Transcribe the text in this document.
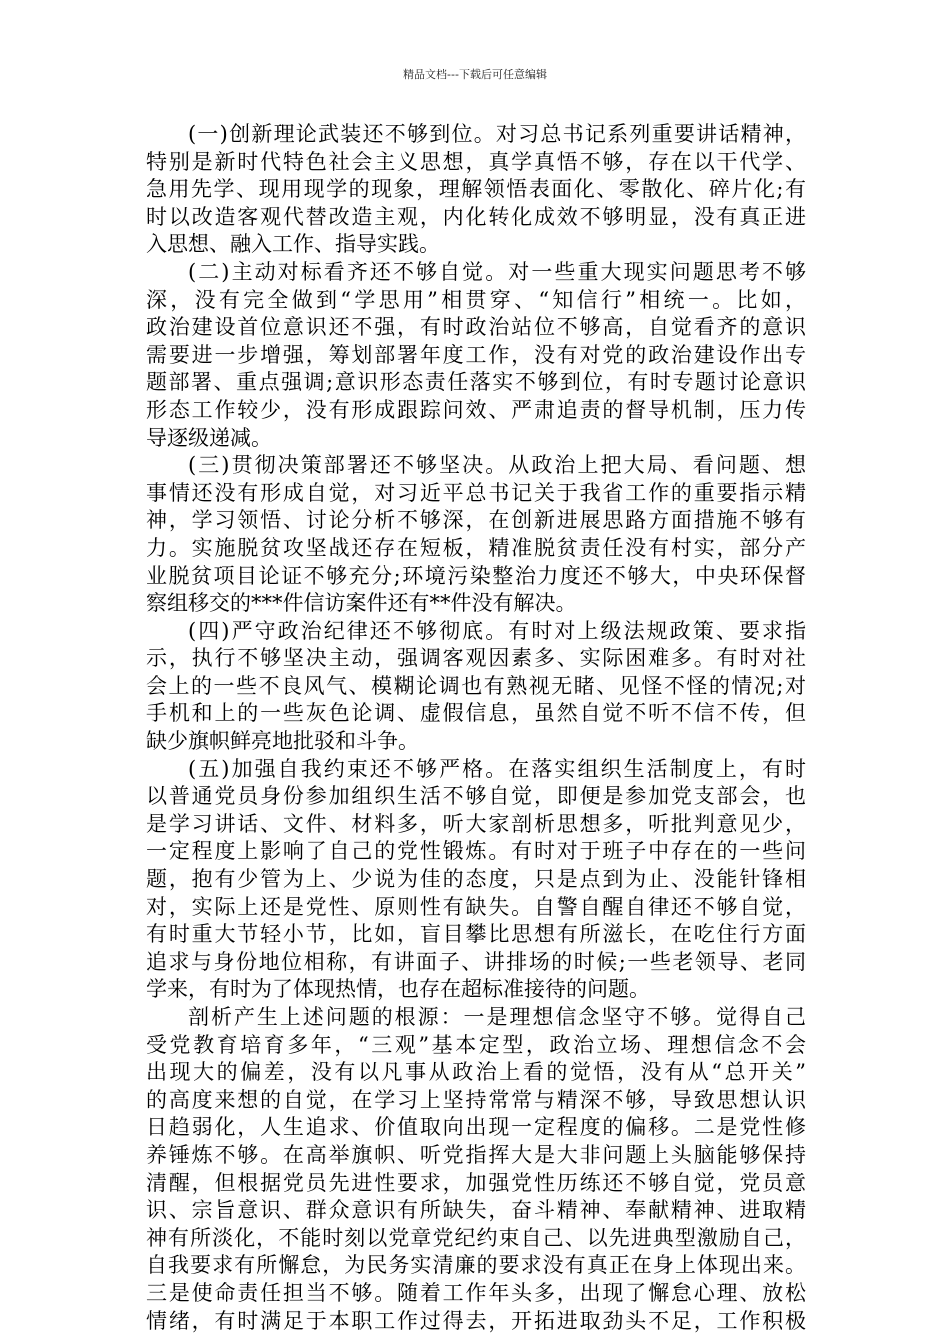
精品文档---下载后可任意编辑
(一)创新理论武装还不够到位。对习总书记系列重要讲话精神，
特别是新时代特色社会主义思想，真学真悟不够，存在以干代学、
急用先学、现用现学的现象，理解领悟表面化、零散化、碎片化;有
时以改造客观代替改造主观，内化转化成效不够明显，没有真正进
入思想、融入工作、指导实践。
(二)主动对标看齐还不够自觉。对一些重大现实问题思考不够
深，没有完全做到“学思用”相贯穿、“知信行”相统一。比如，
政治建设首位意识还不强，有时政治站位不够高，自觉看齐的意识
需要进一步增强，筹划部署年度工作，没有对党的政治建设作出专
题部署、重点强调;意识形态责任落实不够到位，有时专题讨论意识
形态工作较少，没有形成跟踪问效、严肃追责的督导机制，压力传
导逐级递减。
(三)贯彻决策部署还不够坚决。从政治上把大局、看问题、想
事情还没有形成自觉，对习近平总书记关于我省工作的重要指示精
神，学习领悟、讨论分析不够深，在创新进展思路方面措施不够有
力。实施脱贫攻坚战还存在短板，精准脱贫责任没有村实，部分产
业脱贫项目论证不够充分;环境污染整治力度还不够大，中央环保督
察组移交的***件信访案件还有**件没有解决。
(四)严守政治纪律还不够彻底。有时对上级法规政策、要求指
示，执行不够坚决主动，强调客观因素多、实际困难多。有时对社
会上的一些不良风气、模糊论调也有熟视无睹、见怪不怪的情况;对
手机和上的一些灰色论调、虚假信息，虽然自觉不听不信不传，但
缺少旗帜鲜亮地批驳和斗争。
(五)加强自我约束还不够严格。在落实组织生活制度上，有时
以普通党员身份参加组织生活不够自觉，即便是参加党支部会，也
是学习讲话、文件、材料多，听大家剖析思想多，听批判意见少，
一定程度上影响了自己的党性锻炼。有时对于班子中存在的一些问
题，抱有少管为上、少说为佳的态度，只是点到为止、没能针锋相
对，实际上还是党性、原则性有缺失。自警自醒自律还不够自觉，
有时重大节轻小节，比如，盲目攀比思想有所滋长，在吃住行方面
追求与身份地位相称，有讲面子、讲排场的时候;一些老领导、老同
学来，有时为了体现热情，也存在超标准接待的问题。
剖析产生上述问题的根源：一是理想信念坚守不够。觉得自己
受党教育培育多年，“三观”基本定型，政治立场、理想信念不会
出现大的偏差，没有以凡事从政治上看的觉悟，没有从“总开关”
的高度来想的自觉，在学习上坚持常常与精深不够，导致思想认识
日趋弱化，人生追求、价值取向出现一定程度的偏移。二是党性修
养锤炼不够。在高举旗帜、听党指挥大是大非问题上头脑能够保持
清醒，但根据党员先进性要求，加强党性历练还不够自觉，党员意
识、宗旨意识、群众意识有所缺失，奋斗精神、奉献精神、进取精
神有所淡化，不能时刻以党章党纪约束自己、以先进典型激励自己，
自我要求有所懈怠，为民务实清廉的要求没有真正在身上体现出来。
三是使命责任担当不够。随着工作年头多，出现了懈怠心理、放松
情绪，有时满足于本职工作过得去，开拓进取劲头不足，工作积极
